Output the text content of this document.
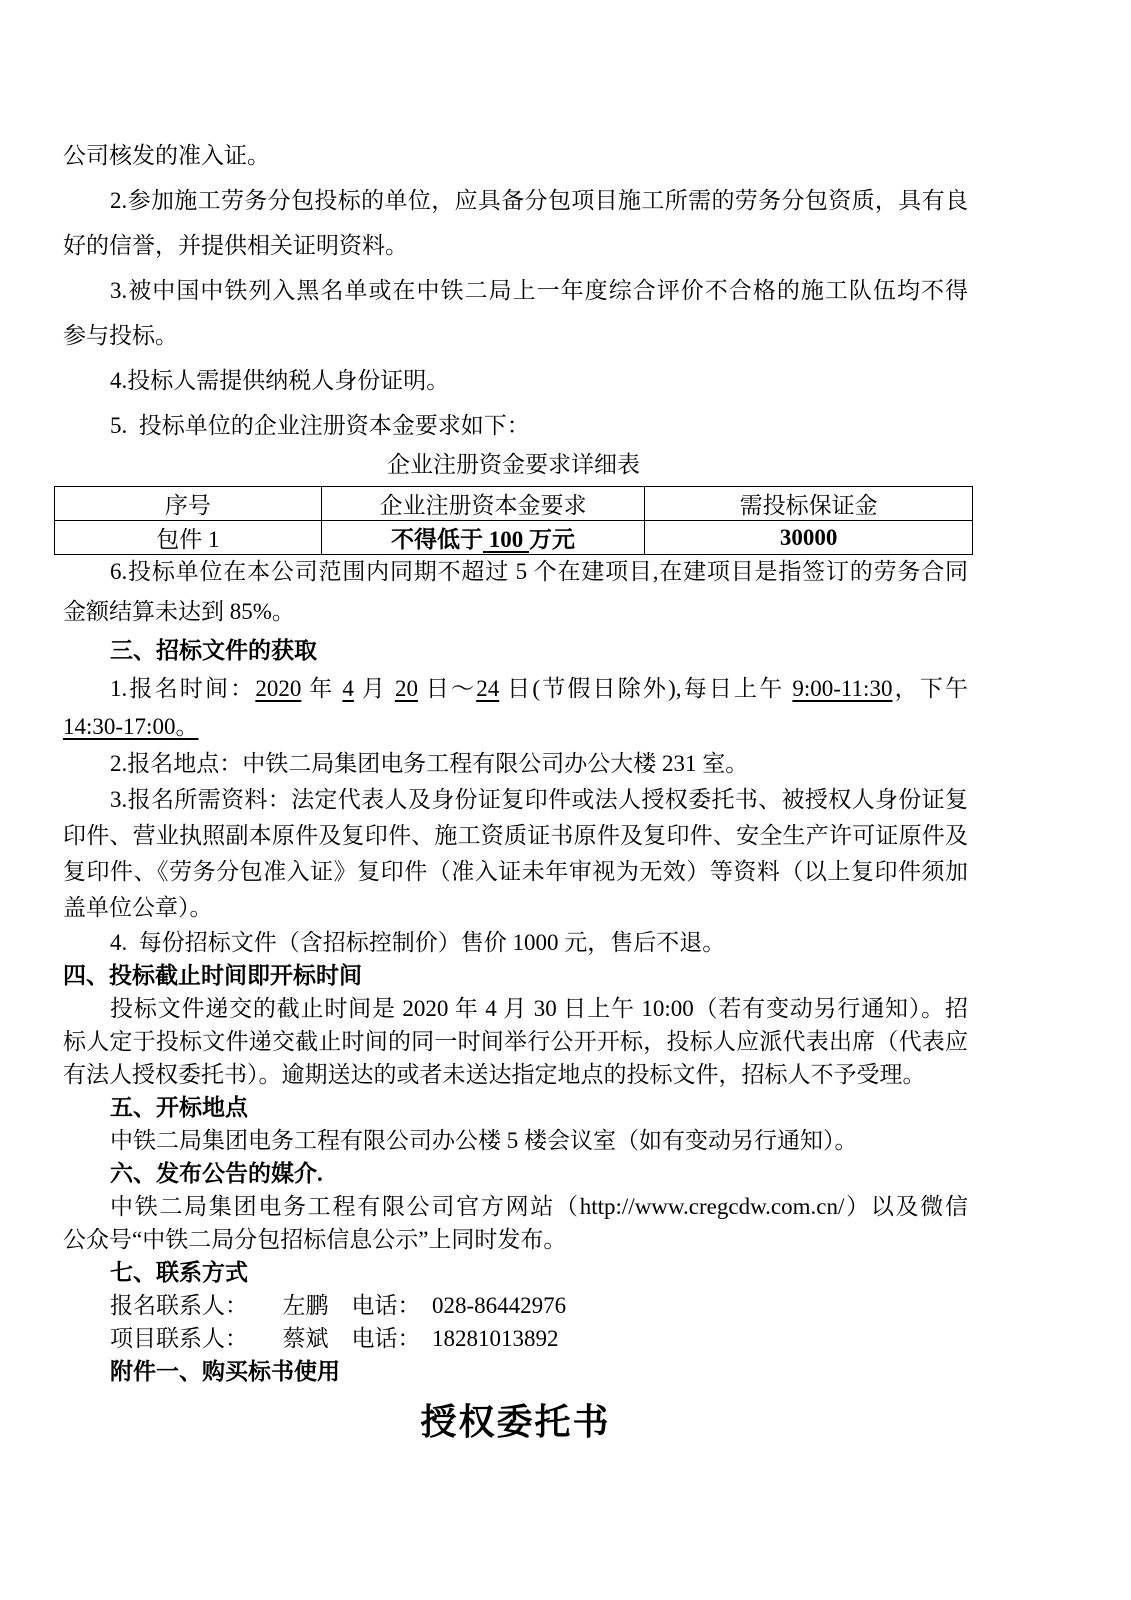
公司核发的准入证。
2.参加施工劳务分包投标的单位，应具备分包项目施工所需的劳务分包资质，具有良
好的信誉，并提供相关证明资料。
3.被中国中铁列入黑名单或在中铁二局上一年度综合评价不合格的施工队伍均不得
参与投标。
4.投标人需提供纳税人身份证明。
5.  投标单位的企业注册资本金要求如下：
企业注册资金要求详细表
序号	企业注册资本金要求	需投标保证金
包件 1	不得低于 100 万元	30000
6.投标单位在本公司范围内同期不超过 5 个在建项目,在建项目是指签订的劳务合同
金额结算未达到 85%。
三、招标文件的获取
1.报名时间：2020 年 4 月 20 日～24 日(节假日除外),每日上午 9:00-11:30，下午
14:30-17:00。
2.报名地点：中铁二局集团电务工程有限公司办公大楼 231 室。
3.报名所需资料：法定代表人及身份证复印件或法人授权委托书、被授权人身份证复
印件、营业执照副本原件及复印件、施工资质证书原件及复印件、安全生产许可证原件及
复印件、《劳务分包准入证》复印件（准入证未年审视为无效）等资料（以上复印件须加
盖单位公章）。
4.  每份招标文件（含招标控制价）售价 1000 元，售后不退。
四、投标截止时间即开标时间
投标文件递交的截止时间是 2020 年 4 月 30 日上午 10:00（若有变动另行通知）。招
标人定于投标文件递交截止时间的同一时间举行公开开标，投标人应派代表出席（代表应
有法人授权委托书）。逾期送达的或者未送达指定地点的投标文件，招标人不予受理。
五、开标地点
中铁二局集团电务工程有限公司办公楼 5 楼会议室（如有变动另行通知）。
六、发布公告的媒介.
中铁二局集团电务工程有限公司官方网站（http://www.cregcdw.com.cn/）以及微信
公众号“中铁二局分包招标信息公示”上同时发布。
七、联系方式
报名联系人：　　左鹏　电话：　028-86442976
项目联系人：　　蔡斌　电话：　18281013892
附件一、购买标书使用
授权委托书
